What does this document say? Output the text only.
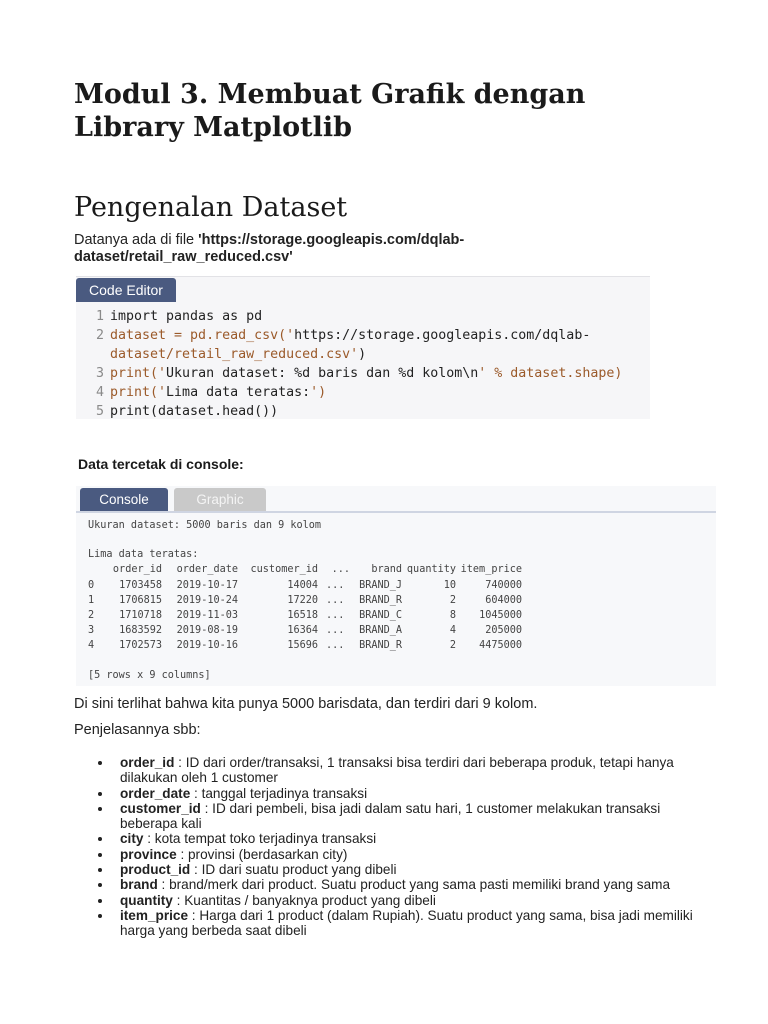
Modul 3. Membuat Grafik dengan Library Matplotlib
Pengenalan Dataset
Datanya ada di file 'https://storage.googleapis.com/dqlab-dataset/retail_raw_reduced.csv'
Code Editor
1 import pandas as pd
2 dataset = pd.read_csv('https://storage.googleapis.com/dqlab-
dataset/retail_raw_reduced.csv')
3 print('Ukuran dataset: %d baris dan %d kolom\n' % dataset.shape)
4 print('Lima data teratas:')
5 print(dataset.head())
Data tercetak di console:
Console	Graphic
Ukuran dataset: 5000 baris dan 9 kolom
Lima data teratas:
order_id	order_date	customer_id	...	brand quantity item_price
0	1703458	2019-10-17	14004 ...	BRAND_J	10	740000
1	1706815	2019-10-24	17220 ...	BRAND_R	2	604000
2	1710718	2019-11-03	16518 ...	BRAND_C	8	1045000
3	1683592	2019-08-19	16364 ...	BRAND_A	4	205000
4	1702573	2019-10-16	15696 ...	BRAND_R	2	4475000
[5 rows x 9 columns]
Di sini terlihat bahwa kita punya 5000 barisdata, dan terdiri dari 9 kolom.
Penjelasannya sbb:
order_id : ID dari order/transaksi, 1 transaksi bisa terdiri dari beberapa produk, tetapi hanya dilakukan oleh 1 customer
order_date : tanggal terjadinya transaksi
customer_id : ID dari pembeli, bisa jadi dalam satu hari, 1 customer melakukan transaksi beberapa kali
city : kota tempat toko terjadinya transaksi
province : provinsi (berdasarkan city)
product_id : ID dari suatu product yang dibeli
brand : brand/merk dari product. Suatu product yang sama pasti memiliki brand yang sama
quantity : Kuantitas / banyaknya product yang dibeli
item_price : Harga dari 1 product (dalam Rupiah). Suatu product yang sama, bisa jadi memiliki harga yang berbeda saat dibeli
